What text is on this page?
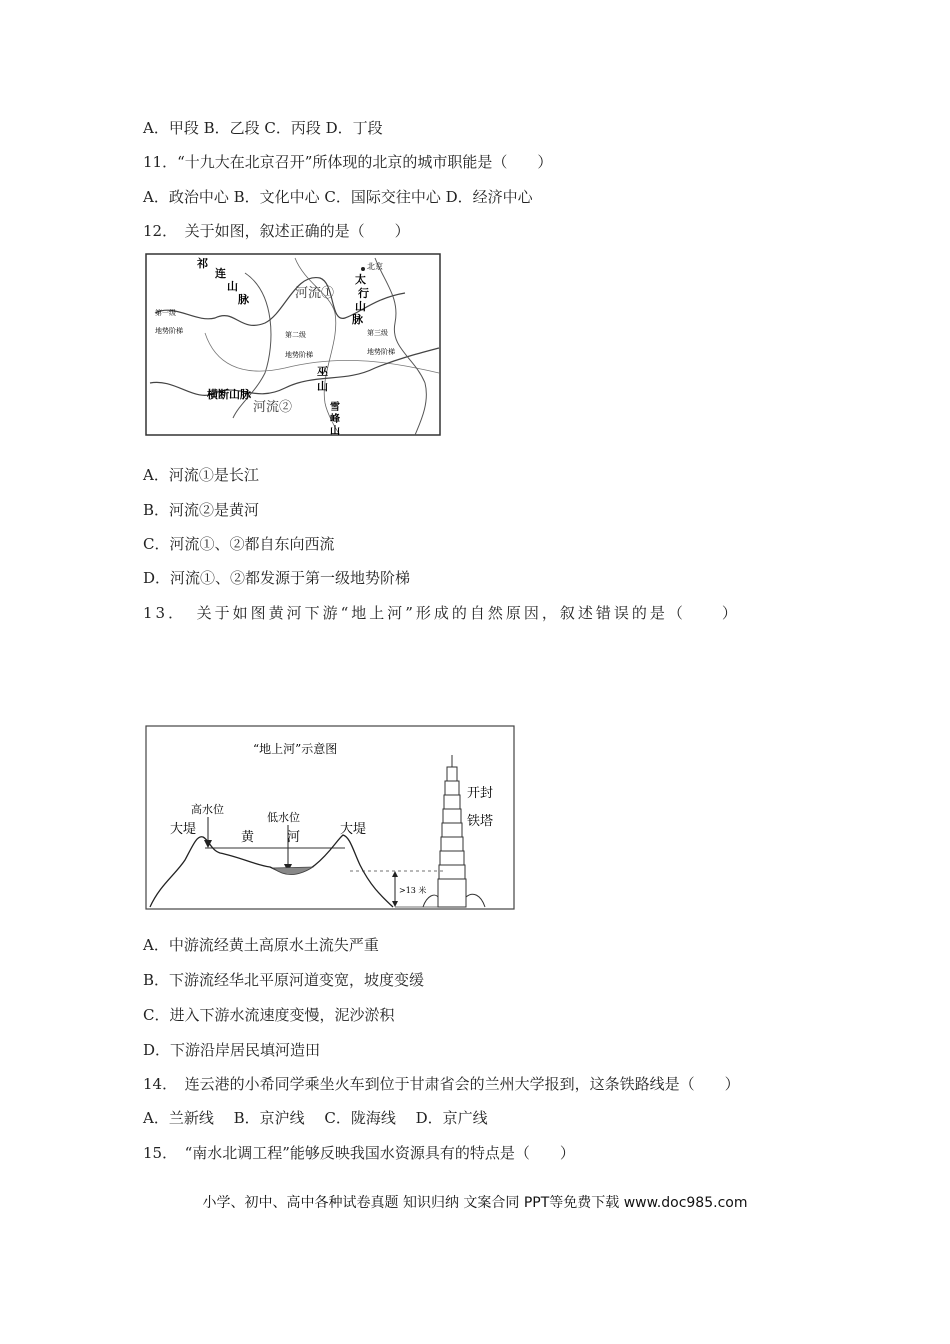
A．甲段 B．乙段 C．丙段 D．丁段
11．“十九大在北京召开”所体现的北京的城市职能是（　　）
A．政治中心 B．文化中心 C．国际交往中心 D．经济中心
12．　关于如图，叙述正确的是（　　）
祁
连
山
脉
北京
太
行
山
脉
河流①
第一级
地势阶梯	第二级
地势阶梯
第三级
地势阶梯
巫
山
横断山脉
河流②	雪
峰
山
A．河流①是长江
B．河流②是黄河
C．河流①、②都自东向西流
D．河流①、②都发源于第一级地势阶梯
13．　关于如图黄河下游“地上河”形成的自然原因，叙述错误的是（　　）
“地上河”示意图
高水位
低水位
大堤	大堤
黄	河
>13 米
开封
铁塔
A．中游流经黄土高原水土流失严重
B．下游流经华北平原河道变宽，坡度变缓
C．进入下游水流速度变慢，泥沙淤积
D．下游沿岸居民填河造田
14．　连云港的小希同学乘坐火车到位于甘肃省会的兰州大学报到，这条铁路线是（　　）
A．兰新线　 B．京沪线　 C．陇海线　 D．京广线
15．　“南水北调工程”能够反映我国水资源具有的特点是（　　）
小学、初中、高中各种试卷真题 知识归纳 文案合同 PPT等免费下载 www.doc985.com
